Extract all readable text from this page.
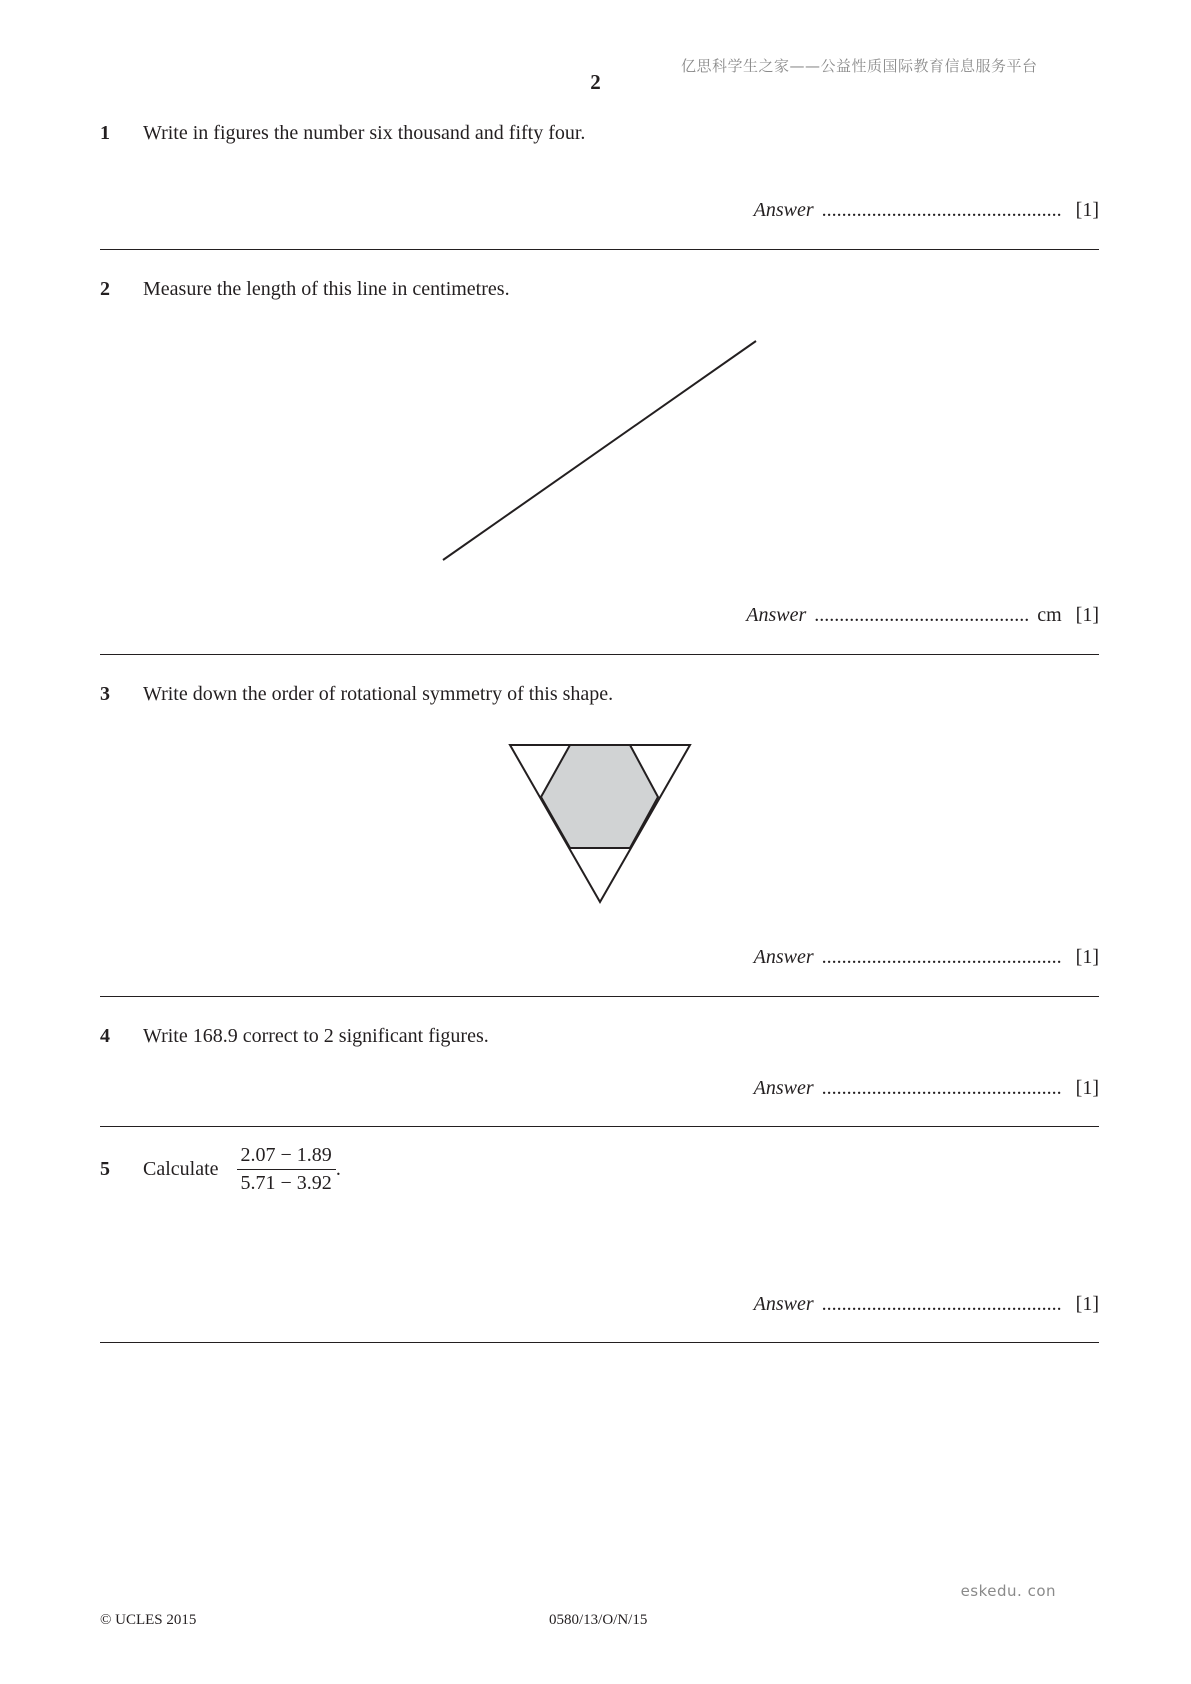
亿思科学生之家——公益性质国际教育信息服务平台
2
1 Write in figures the number six thousand and fifty four.
Answer ................................................ [1]
2 Measure the length of this line in centimetres.
Answer ........................................... cm [1]
3 Write down the order of rotational symmetry of this shape.
Answer ................................................ [1]
4 Write 168.9 correct to 2 significant figures.
Answer ................................................ [1]
5 Calculate $\frac{2.07 - 1.89}{5.71 - 3.92}$ .
Answer ................................................ [1]
eskedu. con
© UCLES 2015	0580/13/O/N/15
